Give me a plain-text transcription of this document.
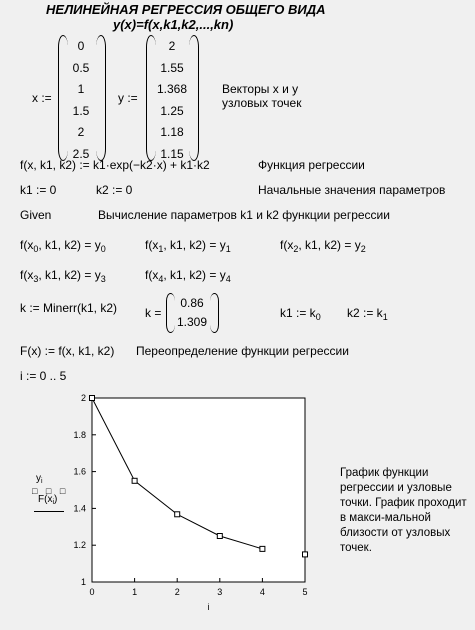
НЕЛИНЕЙНАЯ РЕГРЕССИЯ ОБЩЕГО ВИДА
y(x)=f(x,k1,k2,...,kn)
x :=
0
0.5
1
1.5
2
2.5
y :=
2
1.55
1.368
1.25
1.18
1.15
Векторы x и y
узловых точек
f(x, k1, k2) := k1·exp(−k2·x) + k1·k2	Функция регрессии
k1 := 0	k2 := 0	Начальные значения параметров
Given	Вычисление параметров k1 и k2 функции регрессии
$f(x_0$, k1, $k2) = y_0$	$f(x_1$, k1, $k2) = y_1$	$f(x_2$, k1, $k2) = y_2$
$f(x_3$, k1, $k2) = y_3$	$f(x_4$, k1, $k2) = y_4$
k := Minerr(k1, k2) k =
0.86
1.309
k1 := $k_0$ k2 := $k_1$
F(x) := f(x, k1, k2) Переопределение функции регрессии
i := 0 .. 5
0	1	2	3	4	5
1
1.2
1.4
1.6
1.8
2
i
$y_i$
□ □ □
$F(x_i)$
График функции регрессии и узловые точки. График проходит в макси-мальной близости от узловых точек.
